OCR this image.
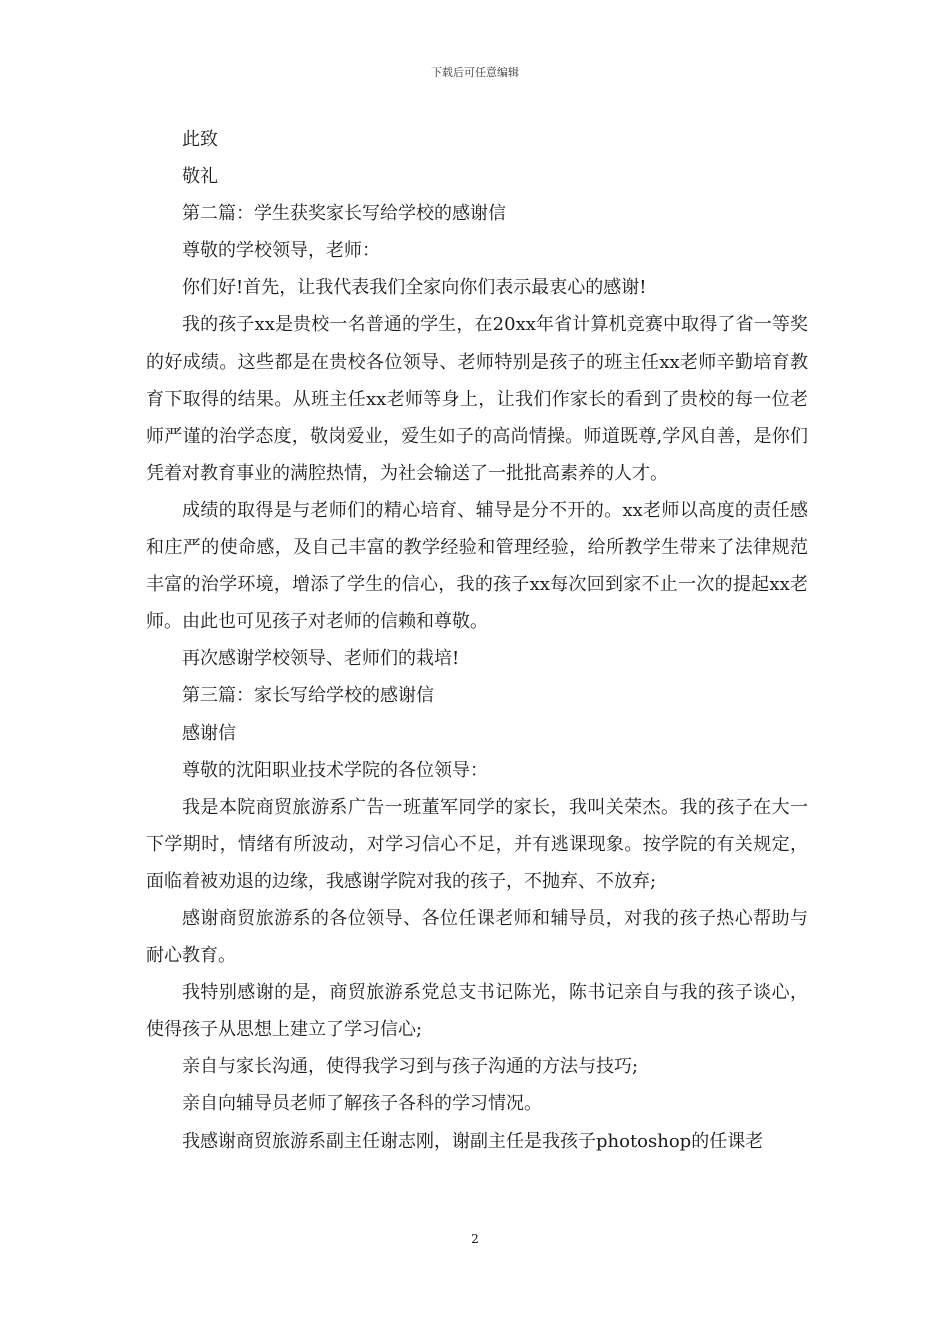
下载后可任意编辑

此致

敬礼

第二篇：学生获奖家长写给学校的感谢信

尊敬的学校领导，老师：

你们好!首先，让我代表我们全家向你们表示最衷心的感谢!

我的孩子xx是贵校一名普通的学生，在20xx年省计算机竞赛中取得了省一等奖的好成绩。这些都是在贵校各位领导、老师特别是孩子的班主任xx老师辛勤培育教育下取得的结果。从班主任xx老师等身上，让我们作家长的看到了贵校的每一位老师严谨的治学态度，敬岗爱业，爱生如子的高尚情操。师道既尊,学风自善，是你们凭着对教育事业的满腔热情，为社会输送了一批批高素养的人才。

成绩的取得是与老师们的精心培育、辅导是分不开的。xx老师以高度的责任感和庄严的使命感，及自己丰富的教学经验和管理经验，给所教学生带来了法律规范丰富的治学环境，增添了学生的信心，我的孩子xx每次回到家不止一次的提起xx老师。由此也可见孩子对老师的信赖和尊敬。

再次感谢学校领导、老师们的栽培!

第三篇：家长写给学校的感谢信

感谢信

尊敬的沈阳职业技术学院的各位领导：

我是本院商贸旅游系广告一班董军同学的家长，我叫关荣杰。我的孩子在大一下学期时，情绪有所波动，对学习信心不足，并有逃课现象。按学院的有关规定，面临着被劝退的边缘，我感谢学院对我的孩子，不抛弃、不放弃;

感谢商贸旅游系的各位领导、各位任课老师和辅导员，对我的孩子热心帮助与耐心教育。

我特别感谢的是，商贸旅游系党总支书记陈光，陈书记亲自与我的孩子谈心，使得孩子从思想上建立了学习信心;

亲自与家长沟通，使得我学习到与孩子沟通的方法与技巧;

亲自向辅导员老师了解孩子各科的学习情况。

我感谢商贸旅游系副主任谢志刚，谢副主任是我孩子photoshop的任课老

2
